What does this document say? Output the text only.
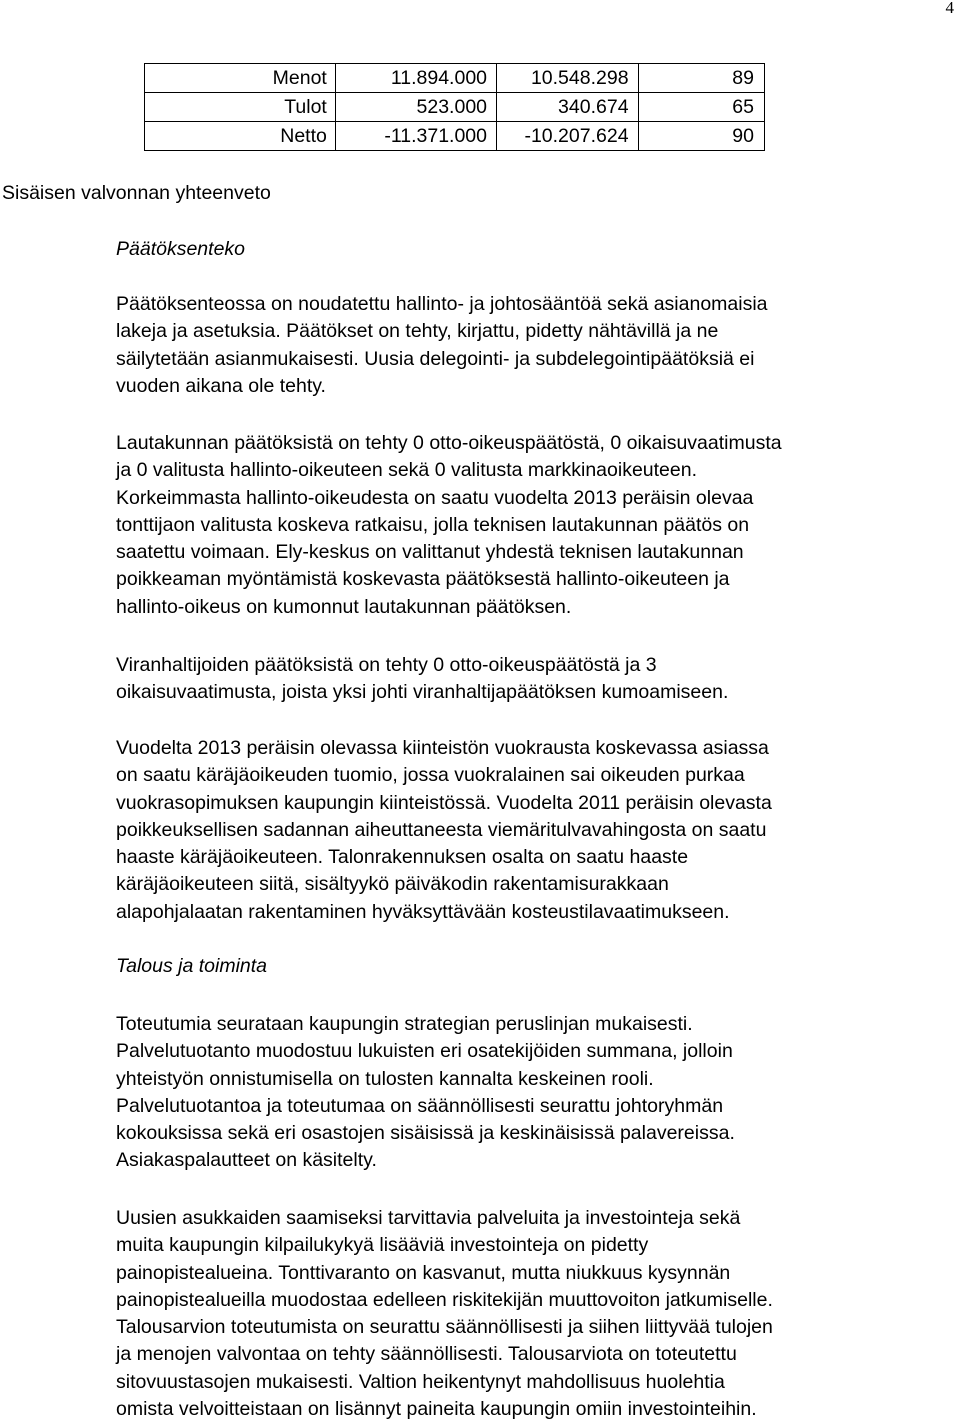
4
Menot	11.894.000	10.548.298	89
Tulot	523.000	340.674	65
Netto	-11.371.000	-10.207.624	90
Sisäisen valvonnan yhteenveto
Päätöksenteko
Päätöksenteossa on noudatettu hallinto- ja johtosääntöä sekä asianomaisia
lakeja ja asetuksia. Päätökset on tehty, kirjattu, pidetty nähtävillä ja ne
säilytetään asianmukaisesti. Uusia delegointi- ja subdelegointipäätöksiä ei
vuoden aikana ole tehty.
Lautakunnan päätöksistä on tehty 0 otto-oikeuspäätöstä, 0 oikaisuvaatimusta
ja 0 valitusta hallinto-oikeuteen sekä 0 valitusta markkinaoikeuteen.
Korkeimmasta hallinto-oikeudesta on saatu vuodelta 2013 peräisin olevaa
tonttijaon valitusta koskeva ratkaisu, jolla teknisen lautakunnan päätös on
saatettu voimaan. Ely-keskus on valittanut yhdestä teknisen lautakunnan
poikkeaman myöntämistä koskevasta päätöksestä hallinto-oikeuteen ja
hallinto-oikeus on kumonnut lautakunnan päätöksen.
Viranhaltijoiden päätöksistä on tehty 0 otto-oikeuspäätöstä ja 3
oikaisuvaatimusta, joista yksi johti viranhaltijapäätöksen kumoamiseen.
Vuodelta 2013 peräisin olevassa kiinteistön vuokrausta koskevassa asiassa
on saatu käräjäoikeuden tuomio, jossa vuokralainen sai oikeuden purkaa
vuokrasopimuksen kaupungin kiinteistössä. Vuodelta 2011 peräisin olevasta
poikkeuksellisen sadannan aiheuttaneesta viemäritulvavahingosta on saatu
haaste käräjäoikeuteen. Talonrakennuksen osalta on saatu haaste
käräjäoikeuteen siitä, sisältyykö päiväkodin rakentamisurakkaan
alapohjalaatan rakentaminen hyväksyttävään kosteustilavaatimukseen.
Talous ja toiminta
Toteutumia seurataan kaupungin strategian peruslinjan mukaisesti.
Palvelutuotanto muodostuu lukuisten eri osatekijöiden summana, jolloin
yhteistyön onnistumisella on tulosten kannalta keskeinen rooli.
Palvelutuotantoa ja toteutumaa on säännöllisesti seurattu johtoryhmän
kokouksissa sekä eri osastojen sisäisissä ja keskinäisissä palavereissa.
Asiakaspalautteet on käsitelty.
Uusien asukkaiden saamiseksi tarvittavia palveluita ja investointeja sekä
muita kaupungin kilpailukykyä lisääviä investointeja on pidetty
painopistealueina. Tonttivaranto on kasvanut, mutta niukkuus kysynnän
painopistealueilla muodostaa edelleen riskitekijän muuttovoiton jatkumiselle.
Talousarvion toteutumista on seurattu säännöllisesti ja siihen liittyvää tulojen
ja menojen valvontaa on tehty säännöllisesti. Talousarviota on toteutettu
sitovuustasojen mukaisesti. Valtion heikentynyt mahdollisuus huolehtia
omista velvoitteistaan on lisännyt paineita kaupungin omiin investointeihin.
